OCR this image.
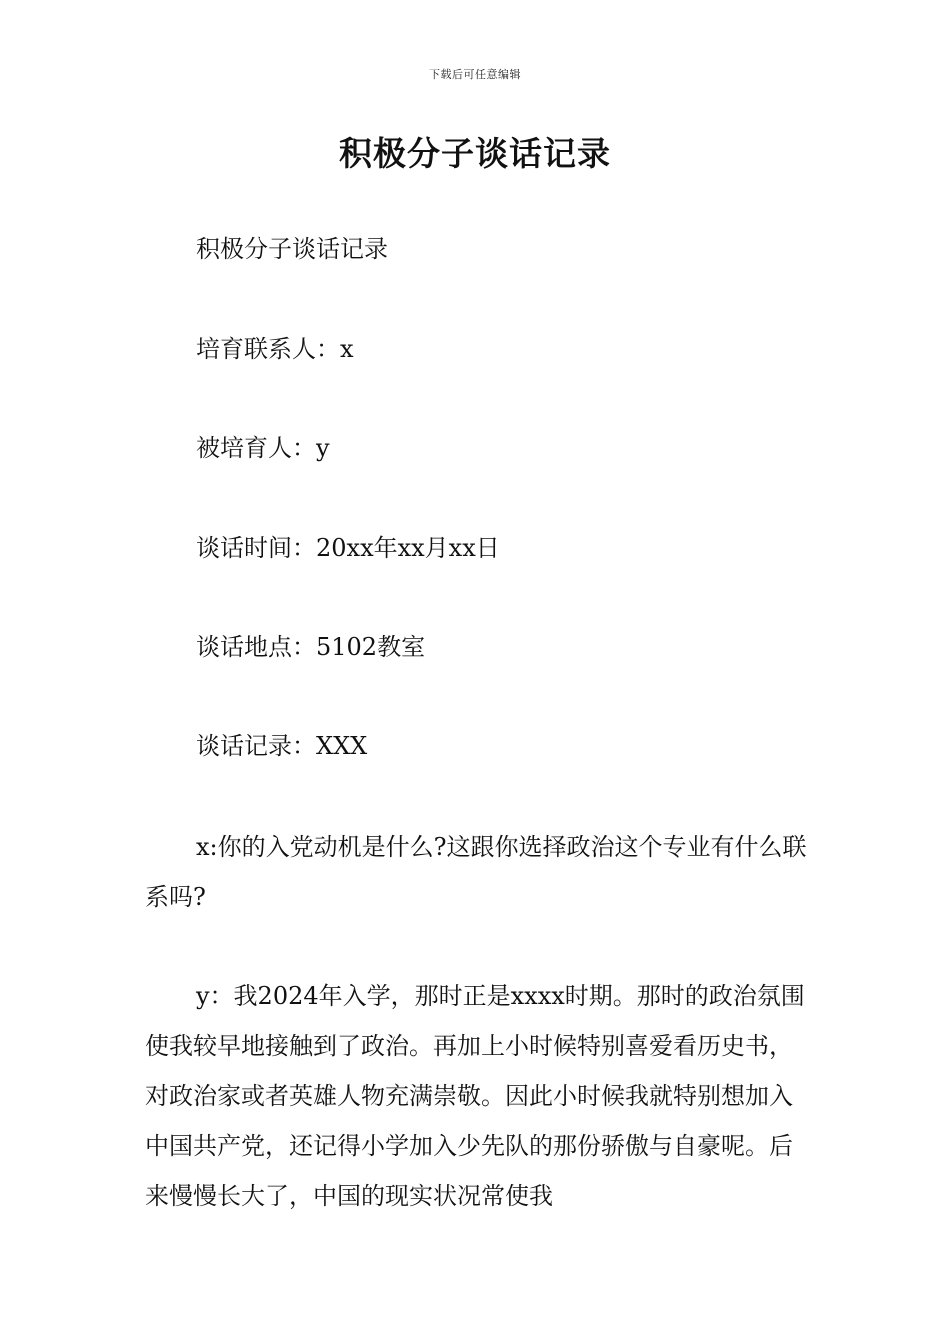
下载后可任意编辑
积极分子谈话记录

积极分子谈话记录

培育联系人：x

被培育人：y

谈话时间：20xx年xx月xx日

谈话地点：5102教室

谈话记录：XXX

x:你的入党动机是什么?这跟你选择政治这个专业有什么联系吗?

y：我2024年入学，那时正是xxxx时期。那时的政治氛围使我较早地接触到了政治。再加上小时候特别喜爱看历史书，对政治家或者英雄人物充满崇敬。因此小时候我就特别想加入中国共产党，还记得小学加入少先队的那份骄傲与自豪呢。后来慢慢长大了，中国的现实状况常使我
